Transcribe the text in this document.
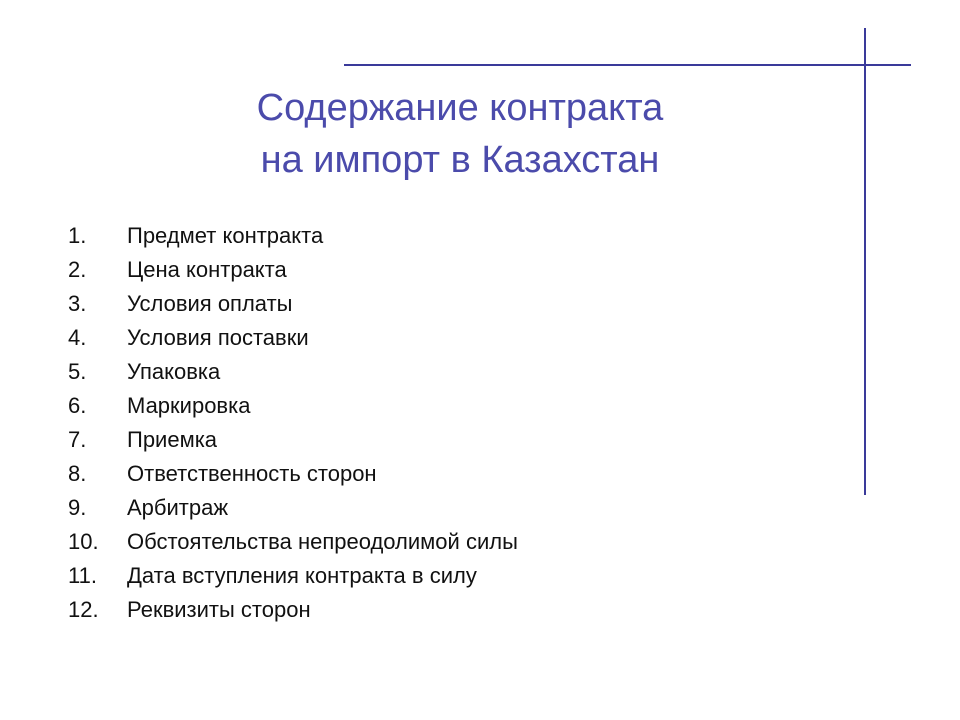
Содержание контракта
на импорт в Казахстан
1.	Предмет контракта
2.	Цена контракта
3.	Условия оплаты
4.	Условия поставки
5.	Упаковка
6.	Маркировка
7.	Приемка
8.	Ответственность сторон
9.	Арбитраж
10.	Обстоятельства непреодолимой силы
11.	Дата вступления контракта в силу
12.	Реквизиты сторон
